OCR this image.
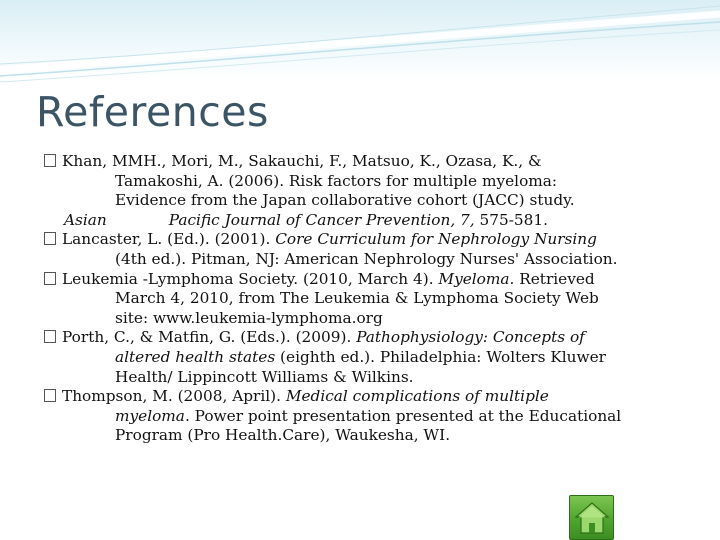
References

Khan, MMH., Mori, M., Sakauchi, F., Matsuo, K., Ozasa, K., &
Tamakoshi, A. (2006). Risk factors for multiple myeloma:
Evidence from the Japan collaborative cohort (JACC) study.
Asian	Pacific Journal of Cancer Prevention, 7, 575-581.

Lancaster, L. (Ed.). (2001). Core Curriculum for Nephrology Nursing
(4th ed.). Pitman, NJ: American Nephrology Nurses' Association.

Leukemia -Lymphoma Society. (2010, March 4). Myeloma. Retrieved
March 4, 2010, from The Leukemia & Lymphoma Society Web
site: www.leukemia-lymphoma.org

Porth, C., & Matfin, G. (Eds.). (2009). Pathophysiology: Concepts of
altered health states (eighth ed.). Philadelphia: Wolters Kluwer
Health/ Lippincott Williams & Wilkins.

Thompson, M. (2008, April). Medical complications of multiple
myeloma. Power point presentation presented at the Educational
Program (Pro Health.Care), Waukesha, WI.
